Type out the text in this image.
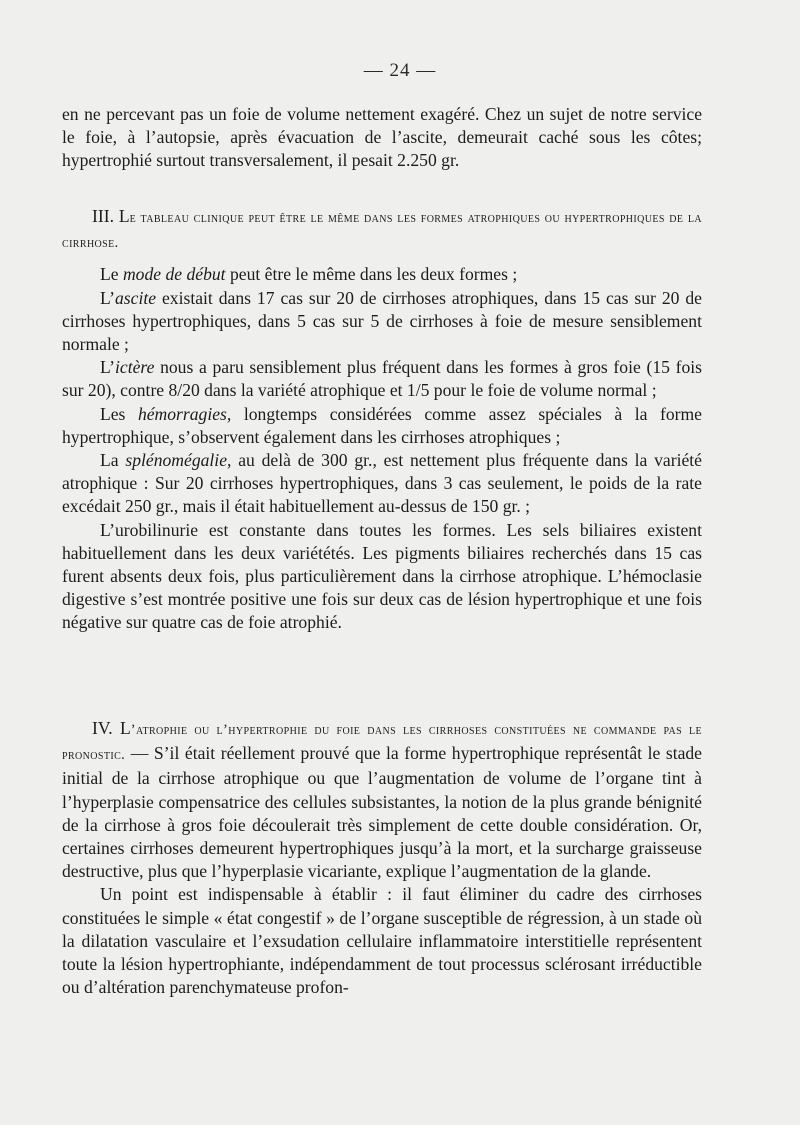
— 24 —

en ne percevant pas un foie de volume nettement exagéré. Chez un sujet de notre service le foie, à l’autopsie, après évacuation de l’ascite, demeurait caché sous les côtes; hypertrophié surtout transversalement, il pesait 2.250 gr.

III. Le tableau clinique peut être le même dans les formes atrophiques ou hypertrophiques de la cirrhose.

Le mode de début peut être le même dans les deux formes ;

L’ascite existait dans 17 cas sur 20 de cirrhoses atrophiques, dans 15 cas sur 20 de cirrhoses hypertrophiques, dans 5 cas sur 5 de cirrhoses à foie de mesure sensiblement normale ;

L’ictère nous a paru sensiblement plus fréquent dans les formes à gros foie (15 fois sur 20), contre 8/20 dans la variété atrophique et 1/5 pour le foie de volume normal ;

Les hémorragies, longtemps considérées comme assez spéciales à la forme hypertrophique, s’observent également dans les cirrhoses atrophiques ;

La splénomégalie, au delà de 300 gr., est nettement plus fréquente dans la variété atrophique : Sur 20 cirrhoses hypertrophiques, dans 3 cas seulement, le poids de la rate excédait 250 gr., mais il était habituellement au-dessus de 150 gr. ;

L’urobilinurie est constante dans toutes les formes. Les sels biliaires existent habituellement dans les deux variététés. Les pigments biliaires recherchés dans 15 cas furent absents deux fois, plus particulièrement dans la cirrhose atrophique. L’hémoclasie digestive s’est montrée positive une fois sur deux cas de lésion hypertrophique et une fois négative sur quatre cas de foie atrophié.

IV. L’atrophie ou l’hypertrophie du foie dans les cirrhoses constituées ne commande pas le pronostic. — S’il était réellement prouvé que la forme hypertrophique représentât le stade initial de la cirrhose atrophique ou que l’augmentation de volume de l’organe tint à l’hyperplasie compensatrice des cellules subsistantes, la notion de la plus grande bénignité de la cirrhose à gros foie découlerait très simplement de cette double considération. Or, certaines cirrhoses demeurent hypertrophiques jusqu’à la mort, et la surcharge graisseuse destructive, plus que l’hyperplasie vicariante, explique l’augmentation de la glande.

Un point est indispensable à établir : il faut éliminer du cadre des cirrhoses constituées le simple « état congestif » de l’organe susceptible de régression, à un stade où la dilatation vasculaire et l’exsudation cellulaire inflammatoire interstitielle représentent toute la lésion hypertrophiante, indépendamment de tout processus sclérosant irréductible ou d’altération parenchymateuse profon-
